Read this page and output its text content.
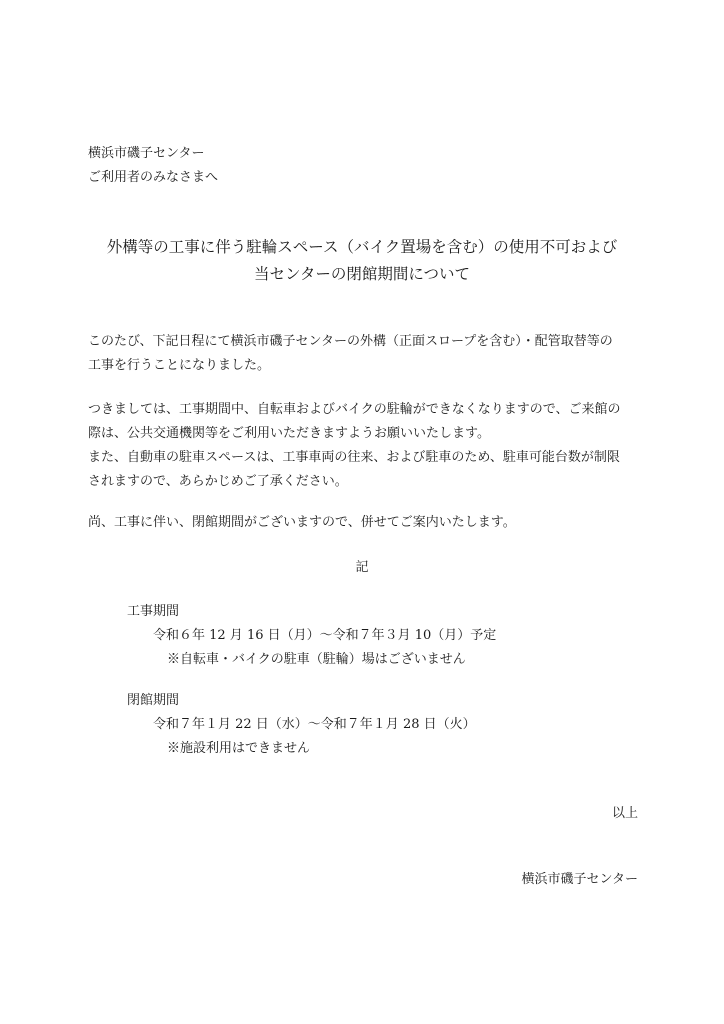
横浜市磯子センター
ご利用者のみなさまへ
外構等の工事に伴う駐輪スペース（バイク置場を含む）の使用不可および
当センターの閉館期間について
このたび、下記日程にて横浜市磯子センターの外構（正面スロープを含む）・配管取替等の
工事を行うことになりました。
つきましては、工事期間中、自転車およびバイクの駐輪ができなくなりますので、ご来館の
際は、公共交通機関等をご利用いただきますようお願いいたします。
また、自動車の駐車スペースは、工事車両の往来、および駐車のため、駐車可能台数が制限
されますので、あらかじめご了承ください。
尚、工事に伴い、閉館期間がございますので、併せてご案内いたします。
記
工事期間
令和６年 12 月 16 日（月）～令和７年３月 10（月）予定
※自転車・バイクの駐車（駐輪）場はございません
閉館期間
令和７年１月 22 日（水）～令和７年１月 28 日（火）
※施設利用はできません
以上
横浜市磯子センター
